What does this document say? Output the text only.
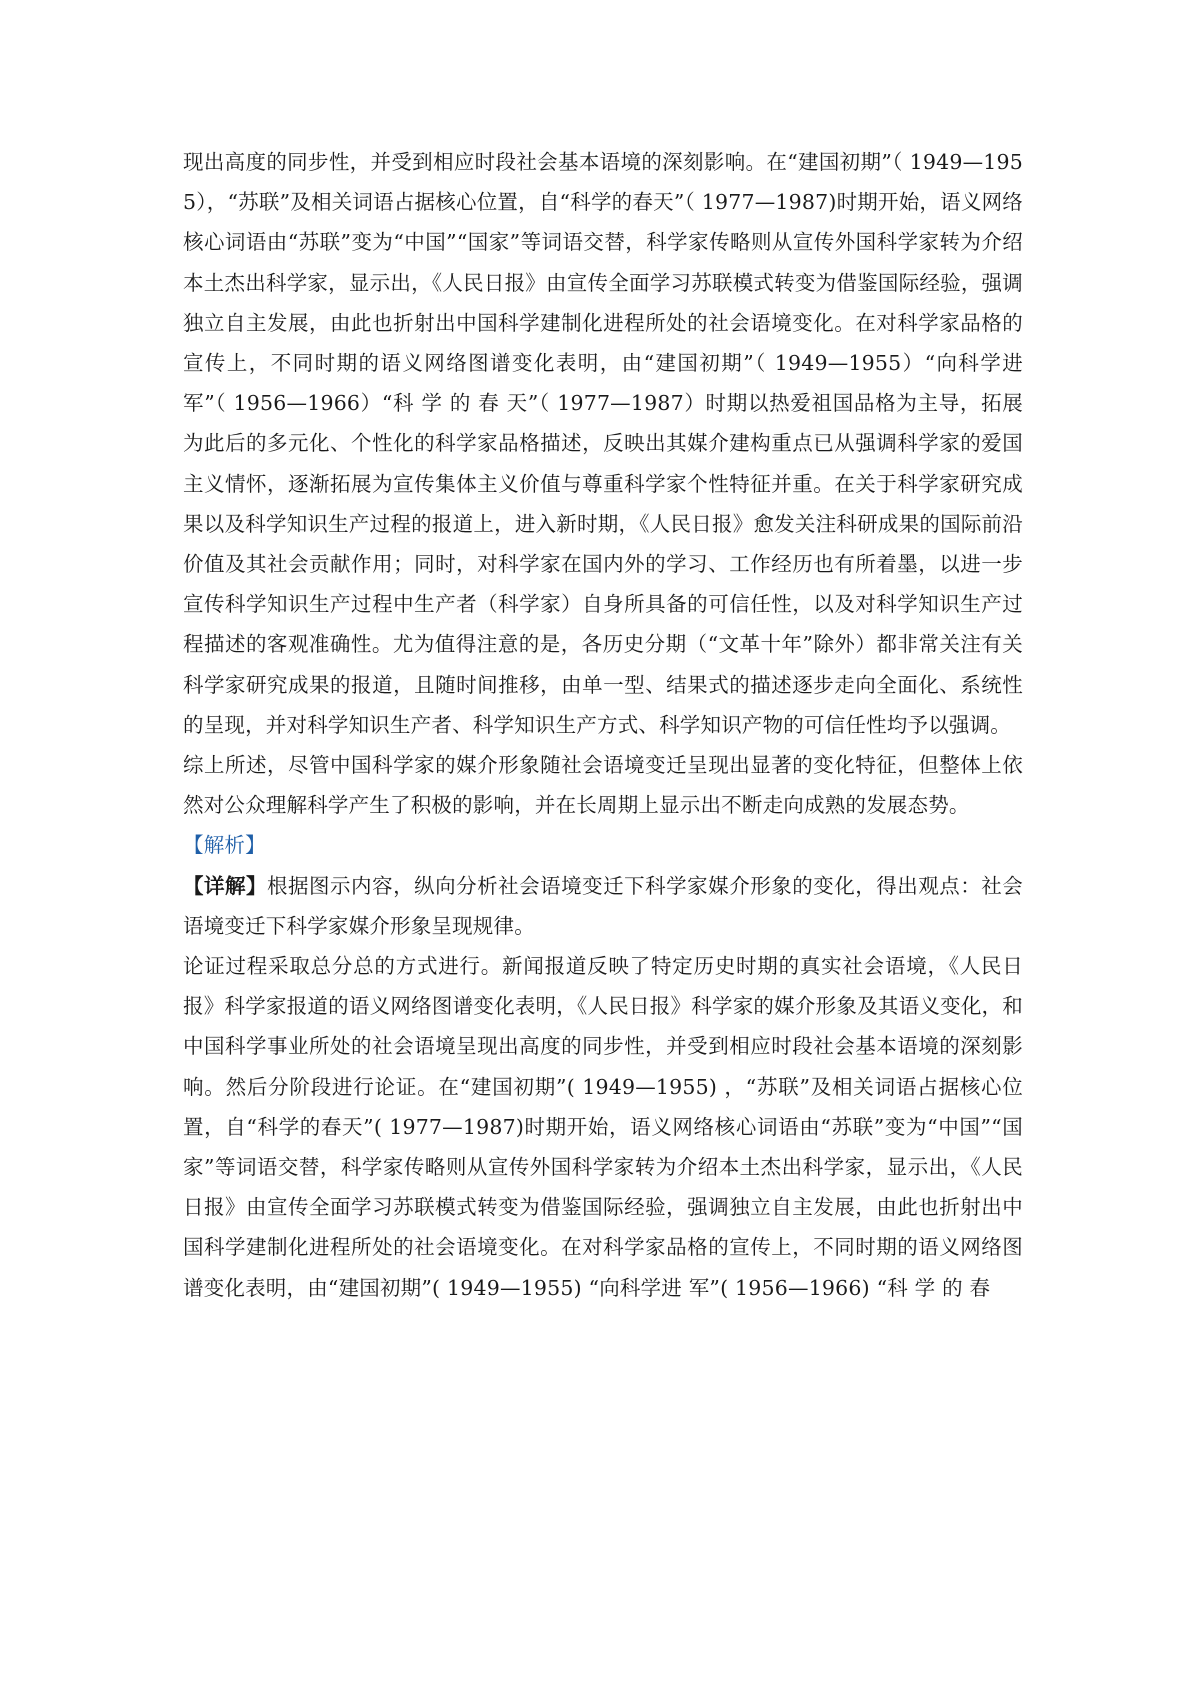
现出高度的同步性，并受到相应时段社会基本语境的深刻影响。在“建国初期”（ 1949—1955），“苏联”及相关词语占据核心位置，自“科学的春天”（ 1977—1987)时期开始，语义网络核心词语由“苏联”变为“中国”“国家”等词语交替，科学家传略则从宣传外国科学家转为介绍本土杰出科学家，显示出，《人民日报》由宣传全面学习苏联模式转变为借鉴国际经验，强调独立自主发展，由此也折射出中国科学建制化进程所处的社会语境变化。在对科学家品格的宣传上，不同时期的语义网络图谱变化表明，由“建国初期”（ 1949—1955）“向科学进 军”（ 1956—1966）“科 学 的 春 天”（ 1977—1987）时期以热爱祖国品格为主导，拓展为此后的多元化、个性化的科学家品格描述，反映出其媒介建构重点已从强调科学家的爱国主义情怀，逐渐拓展为宣传集体主义价值与尊重科学家个性特征并重。在关于科学家研究成果以及科学知识生产过程的报道上，进入新时期，《人民日报》愈发关注科研成果的国际前沿价值及其社会贡献作用；同时，对科学家在国内外的学习、工作经历也有所着墨，以进一步宣传科学知识生产过程中生产者（科学家）自身所具备的可信任性，以及对科学知识生产过程描述的客观准确性。尤为值得注意的是，各历史分期（“文革十年”除外）都非常关注有关科学家研究成果的报道，且随时间推移，由单一型、结果式的描述逐步走向全面化、系统性的呈现，并对科学知识生产者、科学知识生产方式、科学知识产物的可信任性均予以强调。

综上所述，尽管中国科学家的媒介形象随社会语境变迁呈现出显著的变化特征，但整体上依然对公众理解科学产生了积极的影响，并在长周期上显示出不断走向成熟的发展态势。

【解析】

【详解】根据图示内容，纵向分析社会语境变迁下科学家媒介形象的变化，得出观点：社会语境变迁下科学家媒介形象呈现规律。

论证过程采取总分总的方式进行。新闻报道反映了特定历史时期的真实社会语境，《人民日报》科学家报道的语义网络图谱变化表明，《人民日报》科学家的媒介形象及其语义变化，和中国科学事业所处的社会语境呈现出高度的同步性，并受到相应时段社会基本语境的深刻影响。然后分阶段进行论证。在“建国初期”( 1949—1955) ，“苏联”及相关词语占据核心位置，自“科学的春天”( 1977—1987)时期开始，语义网络核心词语由“苏联”变为“中国”“国家”等词语交替，科学家传略则从宣传外国科学家转为介绍本土杰出科学家，显示出，《人民日报》由宣传全面学习苏联模式转变为借鉴国际经验，强调独立自主发展，由此也折射出中国科学建制化进程所处的社会语境变化。在对科学家品格的宣传上，不同时期的语义网络图谱变化表明，由“建国初期”( 1949—1955) “向科学进 军”( 1956—1966) “科 学 的 春
